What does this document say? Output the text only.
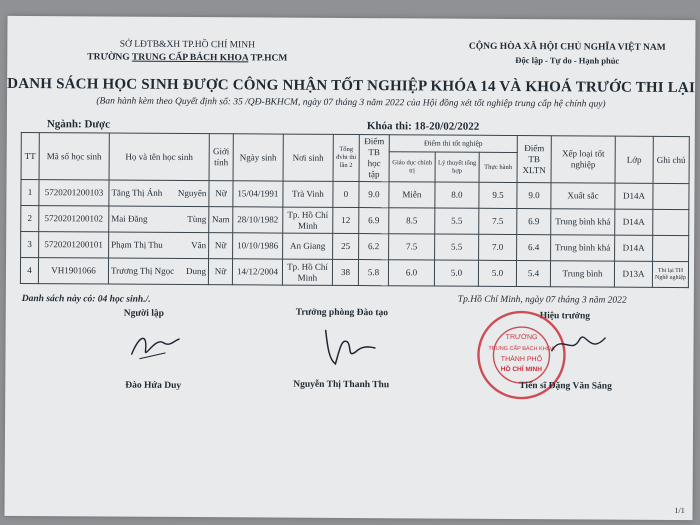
SỞ LĐTB&XH TP.HỒ CHÍ MINH
TRƯỜNG TRUNG CẤP BÁCH KHOA TP.HCM
CỘNG HÒA XÃ HỘI CHỦ NGHĨA VIỆT NAM
Độc lập - Tự do - Hạnh phúc
DANH SÁCH HỌC SINH ĐƯỢC CÔNG NHẬN TỐT NGHIỆP KHÓA 14 VÀ KHOÁ TRƯỚC THI LẠI
(Ban hành kèm theo Quyết định số: 35 /QĐ-BKHCM, ngày 07 tháng 3 năm 2022 của Hội đồng xét tốt nghiệp trung cấp hệ chính quy)
Ngành: Dược	Khóa thi: 18-20/02/2022
TT	Mã số học sinh	Họ và tên học sinh	Giới tính	Ngày sinh	Nơi sinh	Tổng đvht thi lần 2	Điểm TB học tập	Điểm thi tốt nghiệp			Điểm TB XLTN	Xếp loại tốt nghiệp	Lớp	Ghi chú
								Giáo dục chính trị	Lý thuyết tổng hợp	Thực hành				
1	5720201200103	Tăng Thị Ánh Nguyên	Nữ	15/04/1991	Trà Vinh	0	9.0	Miễn	8.0	9.5	9.0	Xuất sắc	D14A	
2	5720201200102	Mai Đăng Tùng	Nam	28/10/1982	Tp. Hồ Chí Minh	12	6.9	8.5	5.5	7.5	6.9	Trung bình khá	D14A	
3	5720201200101	Phạm Thị Thu Vân	Nữ	10/10/1986	An Giang	25	6.2	7.5	5.5	7.0	6.4	Trung bình khá	D14A	
4	VH1901066	Trương Thị Ngọc Dung	Nữ	14/12/2004	Tp. Hồ Chí Minh	38	5.8	6.0	5.0	5.0	5.4	Trung bình	D13A	Thi lại TH Nghề nghiệp
Danh sách này có: 04 học sinh./.	Tp.Hồ Chí Minh, ngày 07 tháng 3 năm 2022
Người lập	Trưởng phòng Đào tạo	Hiệu trưởng
TRƯỜNG
TRUNG CẤP BÁCH KHOA
THÀNH PHỐ
HỒ CHÍ MINH
Đào Hứa Duy	Nguyễn Thị Thanh Thu	Tiến sĩ Đặng Văn Sáng
1/1
